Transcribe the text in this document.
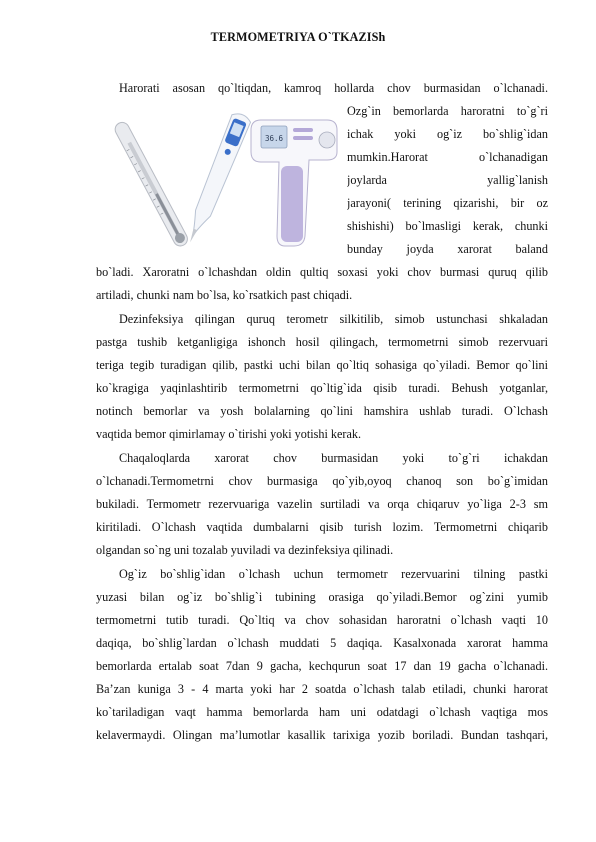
TERMOMETRIYA O`TKAZISh
Harorati asosan qo`ltiqdan, kamroq hollarda chov burmasidan o`lchanadi.
36.6
Ozg`in bemorlarda haroratni to`g`ri
ichak yoki og`iz bo`shlig`idan
mumkin.Harorat o`lchanadigan
joylarda yallig`lanish
jarayoni( terining qizarishi, bir oz
shishishi) bo`lmasligi kerak, chunki
bunday joyda xarorat baland
bo`ladi. Xaroratni o`lchashdan oldin qultiq soxasi yoki chov burmasi quruq qilib
artiladi, chunki nam bo`lsa, ko`rsatkich past chiqadi.
Dezinfeksiya qilingan quruq terometr silkitilib, simob ustunchasi shkaladan
pastga tushib ketganligiga ishonch hosil qilingach, termometrni simob rezervuari
teriga tegib turadigan qilib, pastki uchi bilan qo`ltiq sohasiga qo`yiladi. Bemor qo`lini
ko`kragiga yaqinlashtirib termometrni qo`ltig`ida qisib turadi. Behush yotganlar,
notinch bemorlar va yosh bolalarning qo`lini hamshira ushlab turadi. O`lchash
vaqtida bemor qimirlamay o`tirishi yoki yotishi kerak.
Chaqaloqlarda xarorat chov burmasidan yoki to`g`ri ichakdan
o`lchanadi.Termometrni chov burmasiga qo`yib,oyoq chanoq son bo`g`imidan
bukiladi. Termometr rezervuariga vazelin surtiladi va orqa chiqaruv yo`liga 2-3 sm
kiritiladi. O`lchash vaqtida dumbalarni qisib turish lozim. Termometrni chiqarib
olgandan so`ng uni tozalab yuviladi va dezinfeksiya qilinadi.
Og`iz bo`shlig`idan o`lchash uchun termometr rezervuarini tilning pastki
yuzasi bilan og`iz bo`shlig`i tubining orasiga qo`yiladi.Bemor og`zini yumib
termometrni tutib turadi. Qo`ltiq va chov sohasidan haroratni o`lchash vaqti 10
daqiqa, bo`shlig`lardan o`lchash muddati 5 daqiqa. Kasalxonada xarorat hamma
bemorlarda ertalab soat 7dan 9 gacha, kechqurun soat 17 dan 19 gacha o`lchanadi.
Ba’zan kuniga 3 - 4 marta yoki har 2 soatda o`lchash talab etiladi, chunki harorat
ko`tariladigan vaqt hamma bemorlarda ham uni odatdagi o`lchash vaqtiga mos
kelavermaydi. Olingan ma’lumotlar kasallik tarixiga yozib boriladi. Bundan tashqari,
